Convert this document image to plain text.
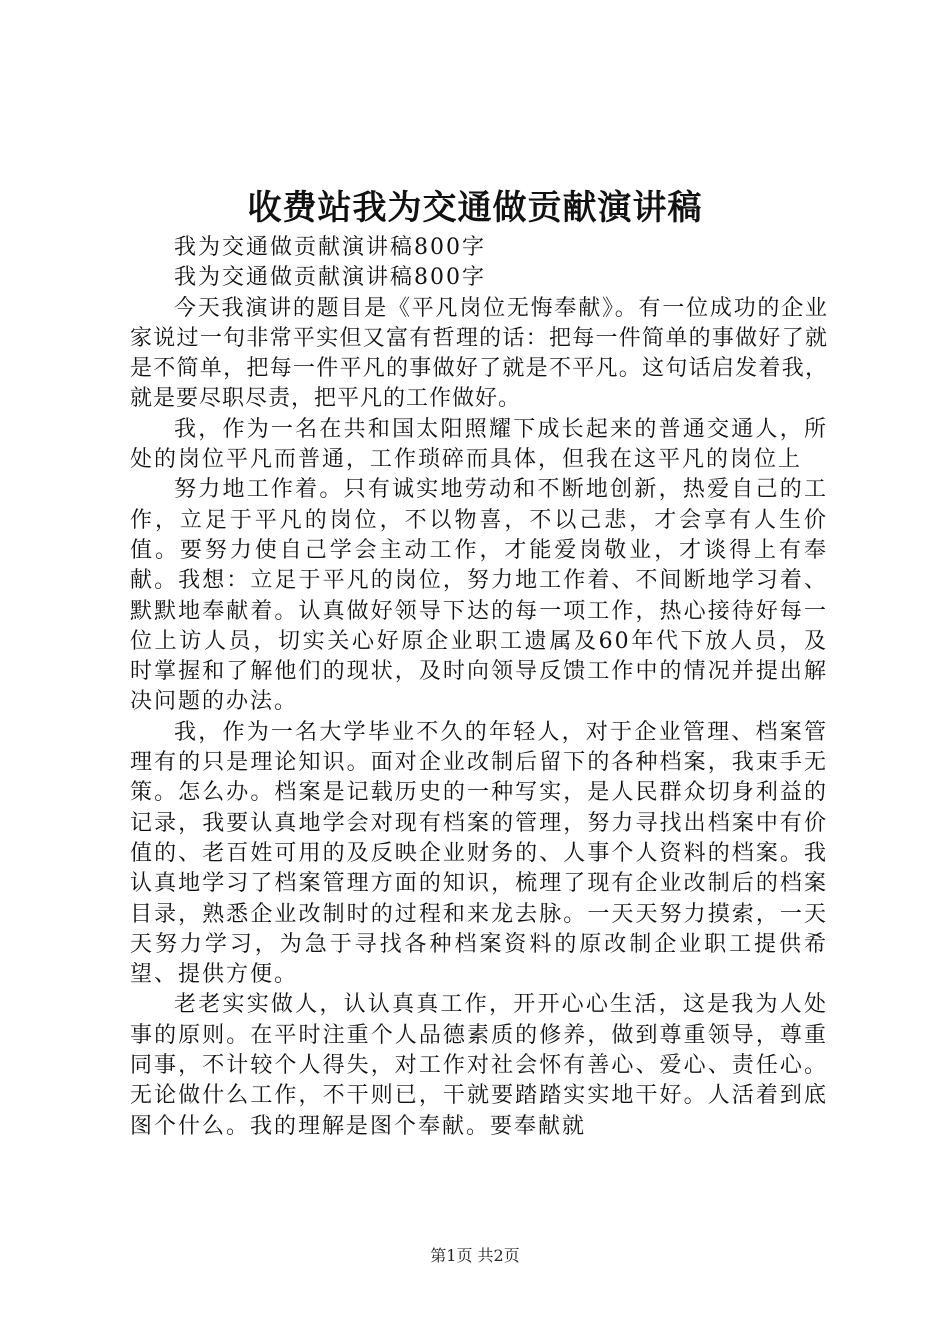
收费站我为交通做贡献演讲稿

我为交通做贡献演讲稿800字

我为交通做贡献演讲稿800字

今天我演讲的题目是《平凡岗位无悔奉献》。有一位成功的企业家说过一句非常平实但又富有哲理的话：把每一件简单的事做好了就是不简单，把每一件平凡的事做好了就是不平凡。这句话启发着我，就是要尽职尽责，把平凡的工作做好。

我，作为一名在共和国太阳照耀下成长起来的普通交通人，所处的岗位平凡而普通，工作琐碎而具体，但我在这平凡的岗位上

努力地工作着。只有诚实地劳动和不断地创新，热爱自己的工作，立足于平凡的岗位，不以物喜，不以己悲，才会享有人生价值。要努力使自己学会主动工作，才能爱岗敬业，才谈得上有奉献。我想：立足于平凡的岗位，努力地工作着、不间断地学习着、默默地奉献着。认真做好领导下达的每一项工作，热心接待好每一位上访人员，切实关心好原企业职工遗属及60年代下放人员，及时掌握和了解他们的现状，及时向领导反馈工作中的情况并提出解决问题的办法。

我，作为一名大学毕业不久的年轻人，对于企业管理、档案管理有的只是理论知识。面对企业改制后留下的各种档案，我束手无策。怎么办。档案是记载历史的一种写实，是人民群众切身利益的记录，我要认真地学会对现有档案的管理，努力寻找出档案中有价值的、老百姓可用的及反映企业财务的、人事个人资料的档案。我认真地学习了档案管理方面的知识，梳理了现有企业改制后的档案目录，熟悉企业改制时的过程和来龙去脉。一天天努力摸索，一天天努力学习，为急于寻找各种档案资料的原改制企业职工提供希望、提供方便。

老老实实做人，认认真真工作，开开心心生活，这是我为人处事的原则。在平时注重个人品德素质的修养，做到尊重领导，尊重同事，不计较个人得失，对工作对社会怀有善心、爱心、责任心。无论做什么工作，不干则已，干就要踏踏实实地干好。人活着到底图个什么。我的理解是图个奉献。要奉献就

第1页 共2页
